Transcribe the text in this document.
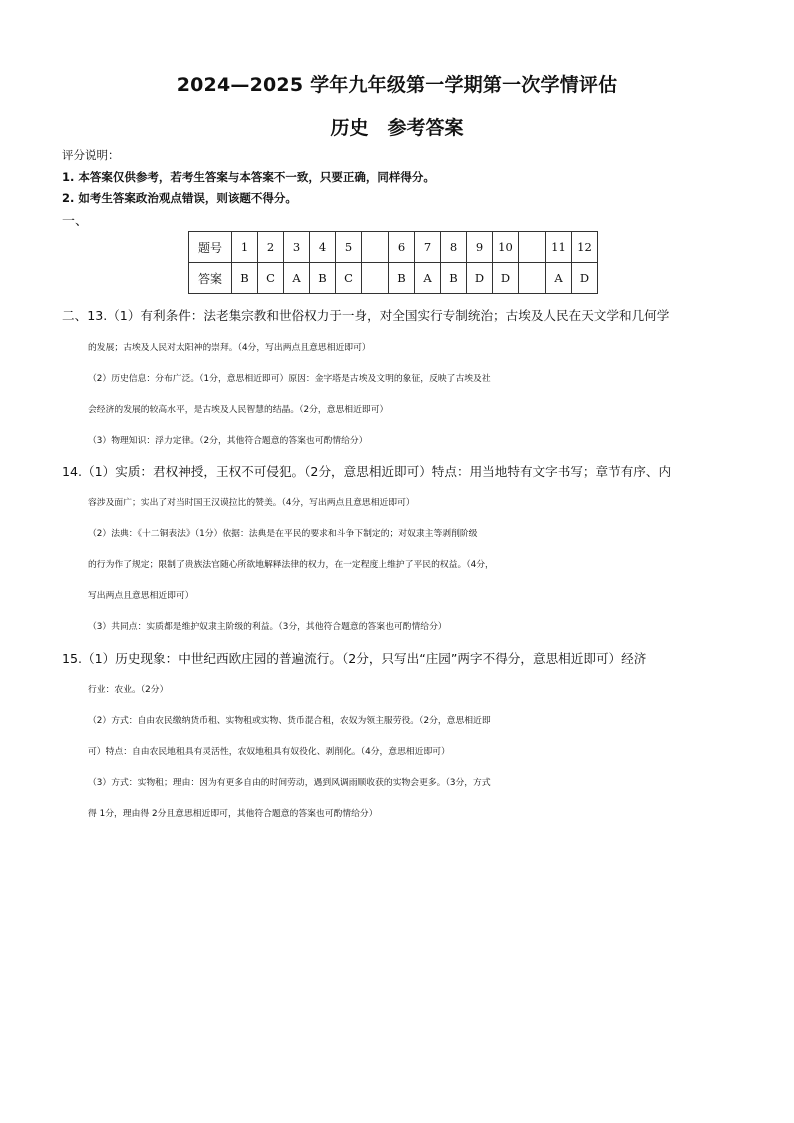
2024—2025 学年九年级第一学期第一次学情评估
历史　参考答案
评分说明：
1. 本答案仅供参考，若考生答案与本答案不一致，只要正确，同样得分。
2. 如考生答案政治观点错误，则该题不得分。
一、
题号	1	2	3	4	5		6	7	8	9	10		11	12
答案	B	C	A	B	C		B	A	B	D	D		A	D
二、13.（1）有利条件：法老集宗教和世俗权力于一身，对全国实行专制统治；古埃及人民在天文学和几何学
的发展；古埃及人民对太阳神的崇拜。（4分，写出两点且意思相近即可）
（2）历史信息：分布广泛。（1分，意思相近即可）原因：金字塔是古埃及文明的象征，反映了古埃及社
会经济的发展的较高水平，是古埃及人民智慧的结晶。（2分，意思相近即可）
（3）物理知识：浮力定律。（2分，其他符合题意的答案也可酌情给分）
14.（1）实质：君权神授，王权不可侵犯。（2分，意思相近即可）特点：用当地特有文字书写；章节有序、内
容涉及面广；实出了对当时国王汉谟拉比的赞美。（4分，写出两点且意思相近即可）
（2）法典：《十二铜表法》（1分）依据：法典是在平民的要求和斗争下制定的；对奴隶主等剥削阶级
的行为作了规定；限制了贵族法官随心所欲地解释法律的权力，在一定程度上维护了平民的权益。（4分，
写出两点且意思相近即可）
（3）共同点：实质都是维护奴隶主阶级的利益。（3分，其他符合题意的答案也可酌情给分）
15.（1）历史现象：中世纪西欧庄园的普遍流行。（2分，只写出“庄园”两字不得分，意思相近即可）经济
行业：农业。（2分）
（2）方式：自由农民缴纳货币租、实物租或实物、货币混合租，农奴为领主服劳役。（2分，意思相近即
可）特点：自由农民地租具有灵活性，农奴地租具有奴役化、剥削化。（4分，意思相近即可）
（3）方式：实物租；理由：因为有更多自由的时间劳动，遇到风调雨顺收获的实物会更多。（3分，方式
得 1分，理由得 2分且意思相近即可，其他符合题意的答案也可酌情给分）
